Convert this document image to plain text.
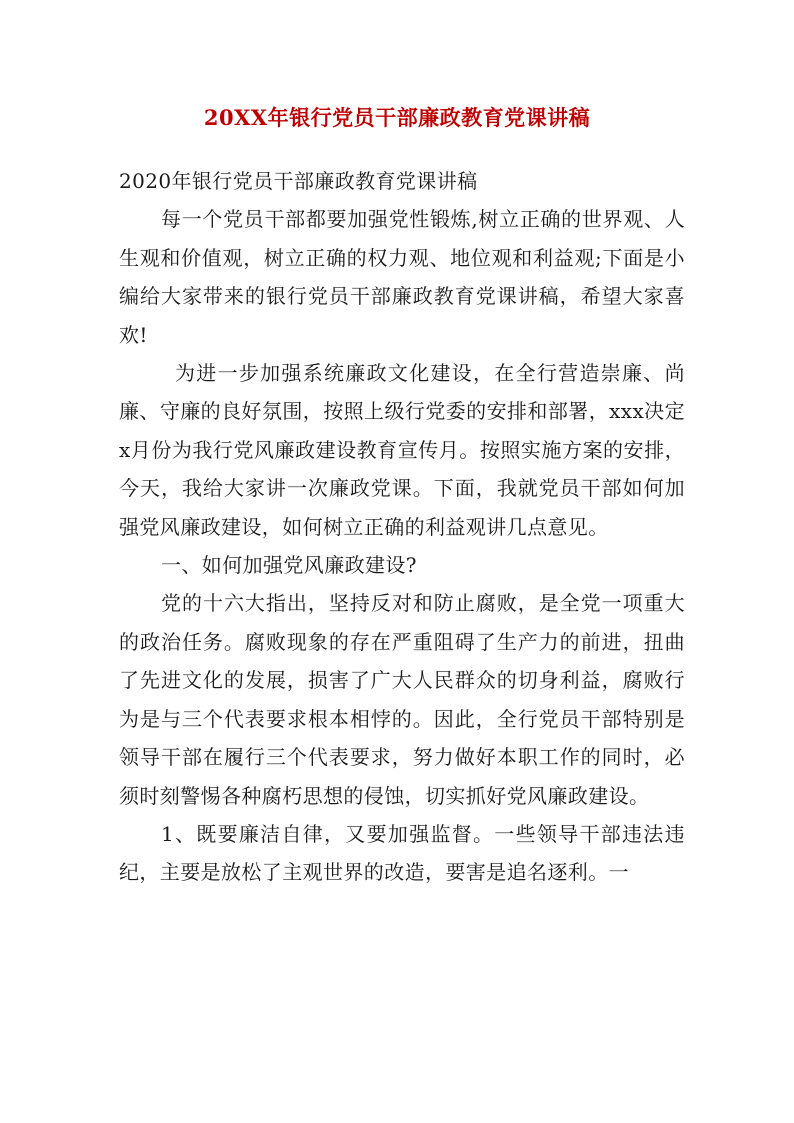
20XX年银行党员干部廉政教育党课讲稿

2020年银行党员干部廉政教育党课讲稿

每一个党员干部都要加强党性锻炼,树立正确的世界观、人生观和价值观，树立正确的权力观、地位观和利益观;下面是小编给大家带来的银行党员干部廉政教育党课讲稿，希望大家喜欢!

为进一步加强系统廉政文化建设，在全行营造崇廉、尚廉、守廉的良好氛围，按照上级行党委的安排和部署，xxx决定x月份为我行党风廉政建设教育宣传月。按照实施方案的安排，今天，我给大家讲一次廉政党课。下面，我就党员干部如何加强党风廉政建设，如何树立正确的利益观讲几点意见。

一、如何加强党风廉政建设?

党的十六大指出，坚持反对和防止腐败，是全党一项重大的政治任务。腐败现象的存在严重阻碍了生产力的前进，扭曲了先进文化的发展，损害了广大人民群众的切身利益，腐败行为是与三个代表要求根本相悖的。因此，全行党员干部特别是领导干部在履行三个代表要求，努力做好本职工作的同时，必须时刻警惕各种腐朽思想的侵蚀，切实抓好党风廉政建设。

1、既要廉洁自律，又要加强监督。一些领导干部违法违纪，主要是放松了主观世界的改造，要害是追名逐利。一
